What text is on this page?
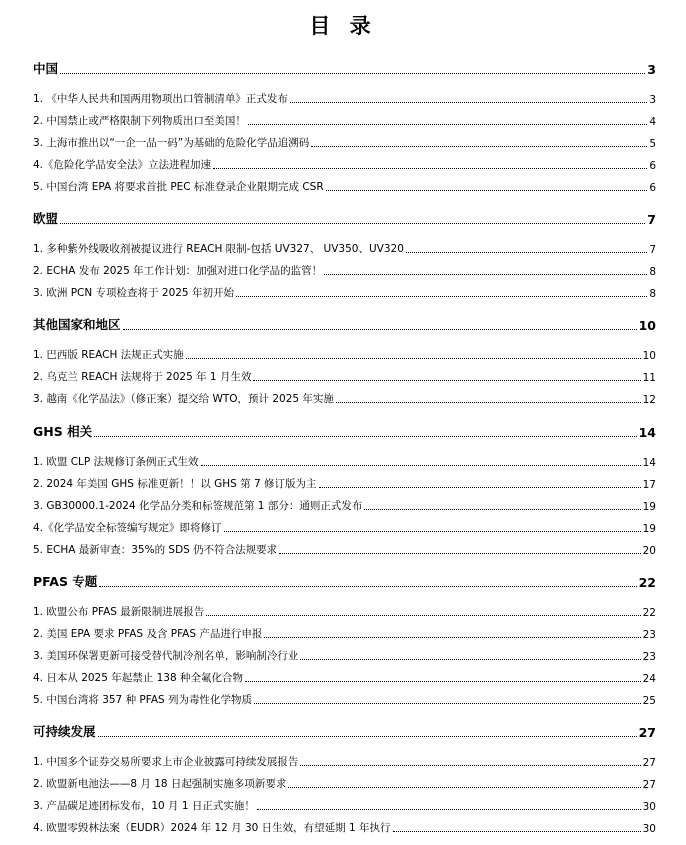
目 录
中国	3
1. 《中华人民共和国两用物项出口管制清单》正式发布	3
2. 中国禁止或严格限制下列物质出口至美国！	4
3. 上海市推出以“一企一品一码”为基础的危险化学品追溯码	5
4.《危险化学品安全法》立法进程加速	6
5. 中国台湾 EPA 将要求首批 PEC 标准登录企业限期完成 CSR	6
欧盟	7
1. 多种紫外线吸收剂被提议进行 REACH 限制-包括 UV327、 UV350、UV320	7
2. ECHA 发布 2025 年工作计划：加强对进口化学品的监管！	8
3. 欧洲 PCN 专项检查将于 2025 年初开始	8
其他国家和地区	10
1. 巴西版 REACH 法规正式实施	10
2. 乌克兰 REACH 法规将于 2025 年 1 月生效	11
3. 越南《化学品法》（修正案）提交给 WTO，预计 2025 年实施	12
GHS 相关	14
1. 欧盟 CLP 法规修订条例正式生效	14
2. 2024 年美国 GHS 标准更新！！以 GHS 第 7 修订版为主	17
3. GB30000.1-2024 化学品分类和标签规范第 1 部分：通则正式发布	19
4.《化学品安全标签编写规定》即将修订	19
5. ECHA 最新审查：35%的 SDS 仍不符合法规要求	20
PFAS 专题	22
1. 欧盟公布 PFAS 最新限制进展报告	22
2. 美国 EPA 要求 PFAS 及含 PFAS 产品进行申报	23
3. 美国环保署更新可接受替代制冷剂名单，影响制冷行业	23
4. 日本从 2025 年起禁止 138 种全氟化合物	24
5. 中国台湾将 357 种 PFAS 列为毒性化学物质	25
可持续发展	27
1. 中国多个证券交易所要求上市企业披露可持续发展报告	27
2. 欧盟新电池法——8 月 18 日起强制实施多项新要求	27
3. 产品碳足迹团标发布，10 月 1 日正式实施！	30
4. 欧盟零毁林法案（EUDR）2024 年 12 月 30 日生效，有望延期 1 年执行	30
